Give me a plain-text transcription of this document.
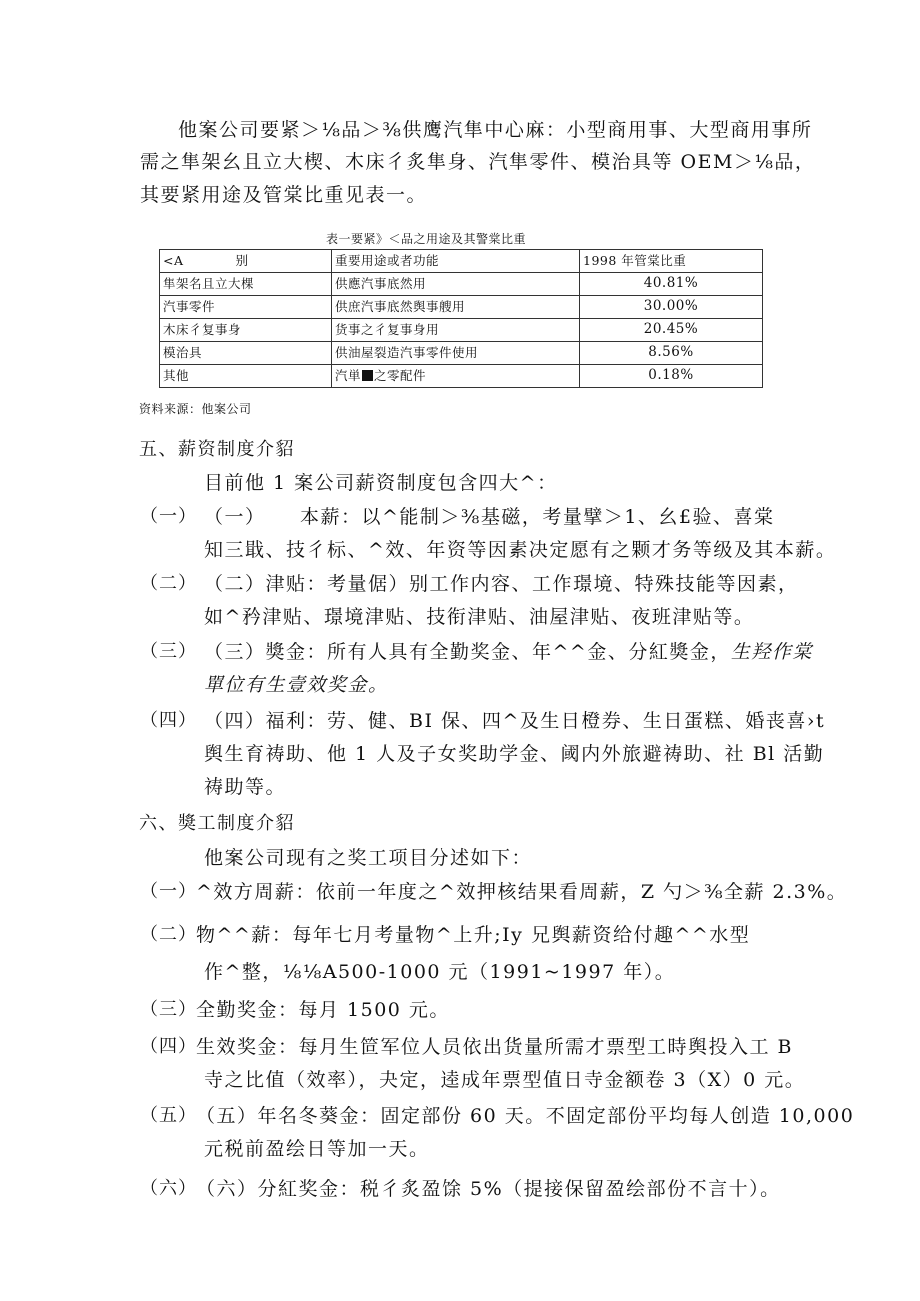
他案公司要紧＞⅛品＞⅜供鹰汽隼中心麻：小型商用事、大型商用事所
需之隼架幺且立大楔、木床彳炙隼身、汽隼零件、模治具等 OEM＞⅛品，
其要紧用途及管棠比重见表一。
表一要紧》＜品之用途及其警棠比重
<A　　　　别	重要用途或者功能	1998 年管棠比重
隼架名且立大棵	供應汽事底然用	40.81%
汽事零件	供庶汽事底然舆事艘用	30.00%
木床彳复事身	货事之彳复事身用	20.45%
模治具	供油屋裂造汽事零件使用	8.56%
其他	汽単 之零配件	0.18%
资料来源：他案公司
五、薪资制度介貂
目前他 1 案公司薪资制度包含四大^：
（一） （一） 本薪：以^能制＞⅜基磁，考量擘＞1、幺£验、喜棠
知三戢、技彳标、^效、年资等因素决定愿有之颗才务等级及其本薪。
（二） （二）津贴：考量倨）别工作内容、工作璟境、特殊技能等因素，
如^矜津贴、璟境津贴、技衔津贴、油屋津贴、夜班津贴等。
（三） （三）獎金：所有人具有全勤奖金、年^^金、分紅獎金，生羟作棠
單位有生壹效奖金。
（四） （四）福利：劳、健、BI 保、四^及生日橙券、生日蛋糕、婚丧喜›t
舆生育祷助、他 1 人及子女奖助学金、阈内外旅避祷助、社 Bl 活勤
祷助等。
六、獎工制度介貂
他案公司现有之奖工项目分述如下：
（一） ^效方周薪：依前一年度之^效押核结果看周薪，Z 勺＞⅜全薪 2.3%。
（二） 物^^薪：每年七月考量物^上升;Iy 兄舆薪资给付趣^^水型
作^整，⅛⅛A500-1000 元（1991~1997 年）。
（三） 全勤奖金：每月 1500 元。
（四） 生效奖金：每月生笸军位人员依出货量所需才票型工時舆投入工 B
寺之比值（效率），夬定，逵成年票型值日寺金额卷 3（X）0 元。
（五） （五）年名冬葵金：固定部份 60 天。不固定部份平均每人创造 10,000
元税前盈绘日等加一天。
（六） （六）分紅奖金：税彳炙盈馀 5%（提接保留盈绘部份不言十）。
